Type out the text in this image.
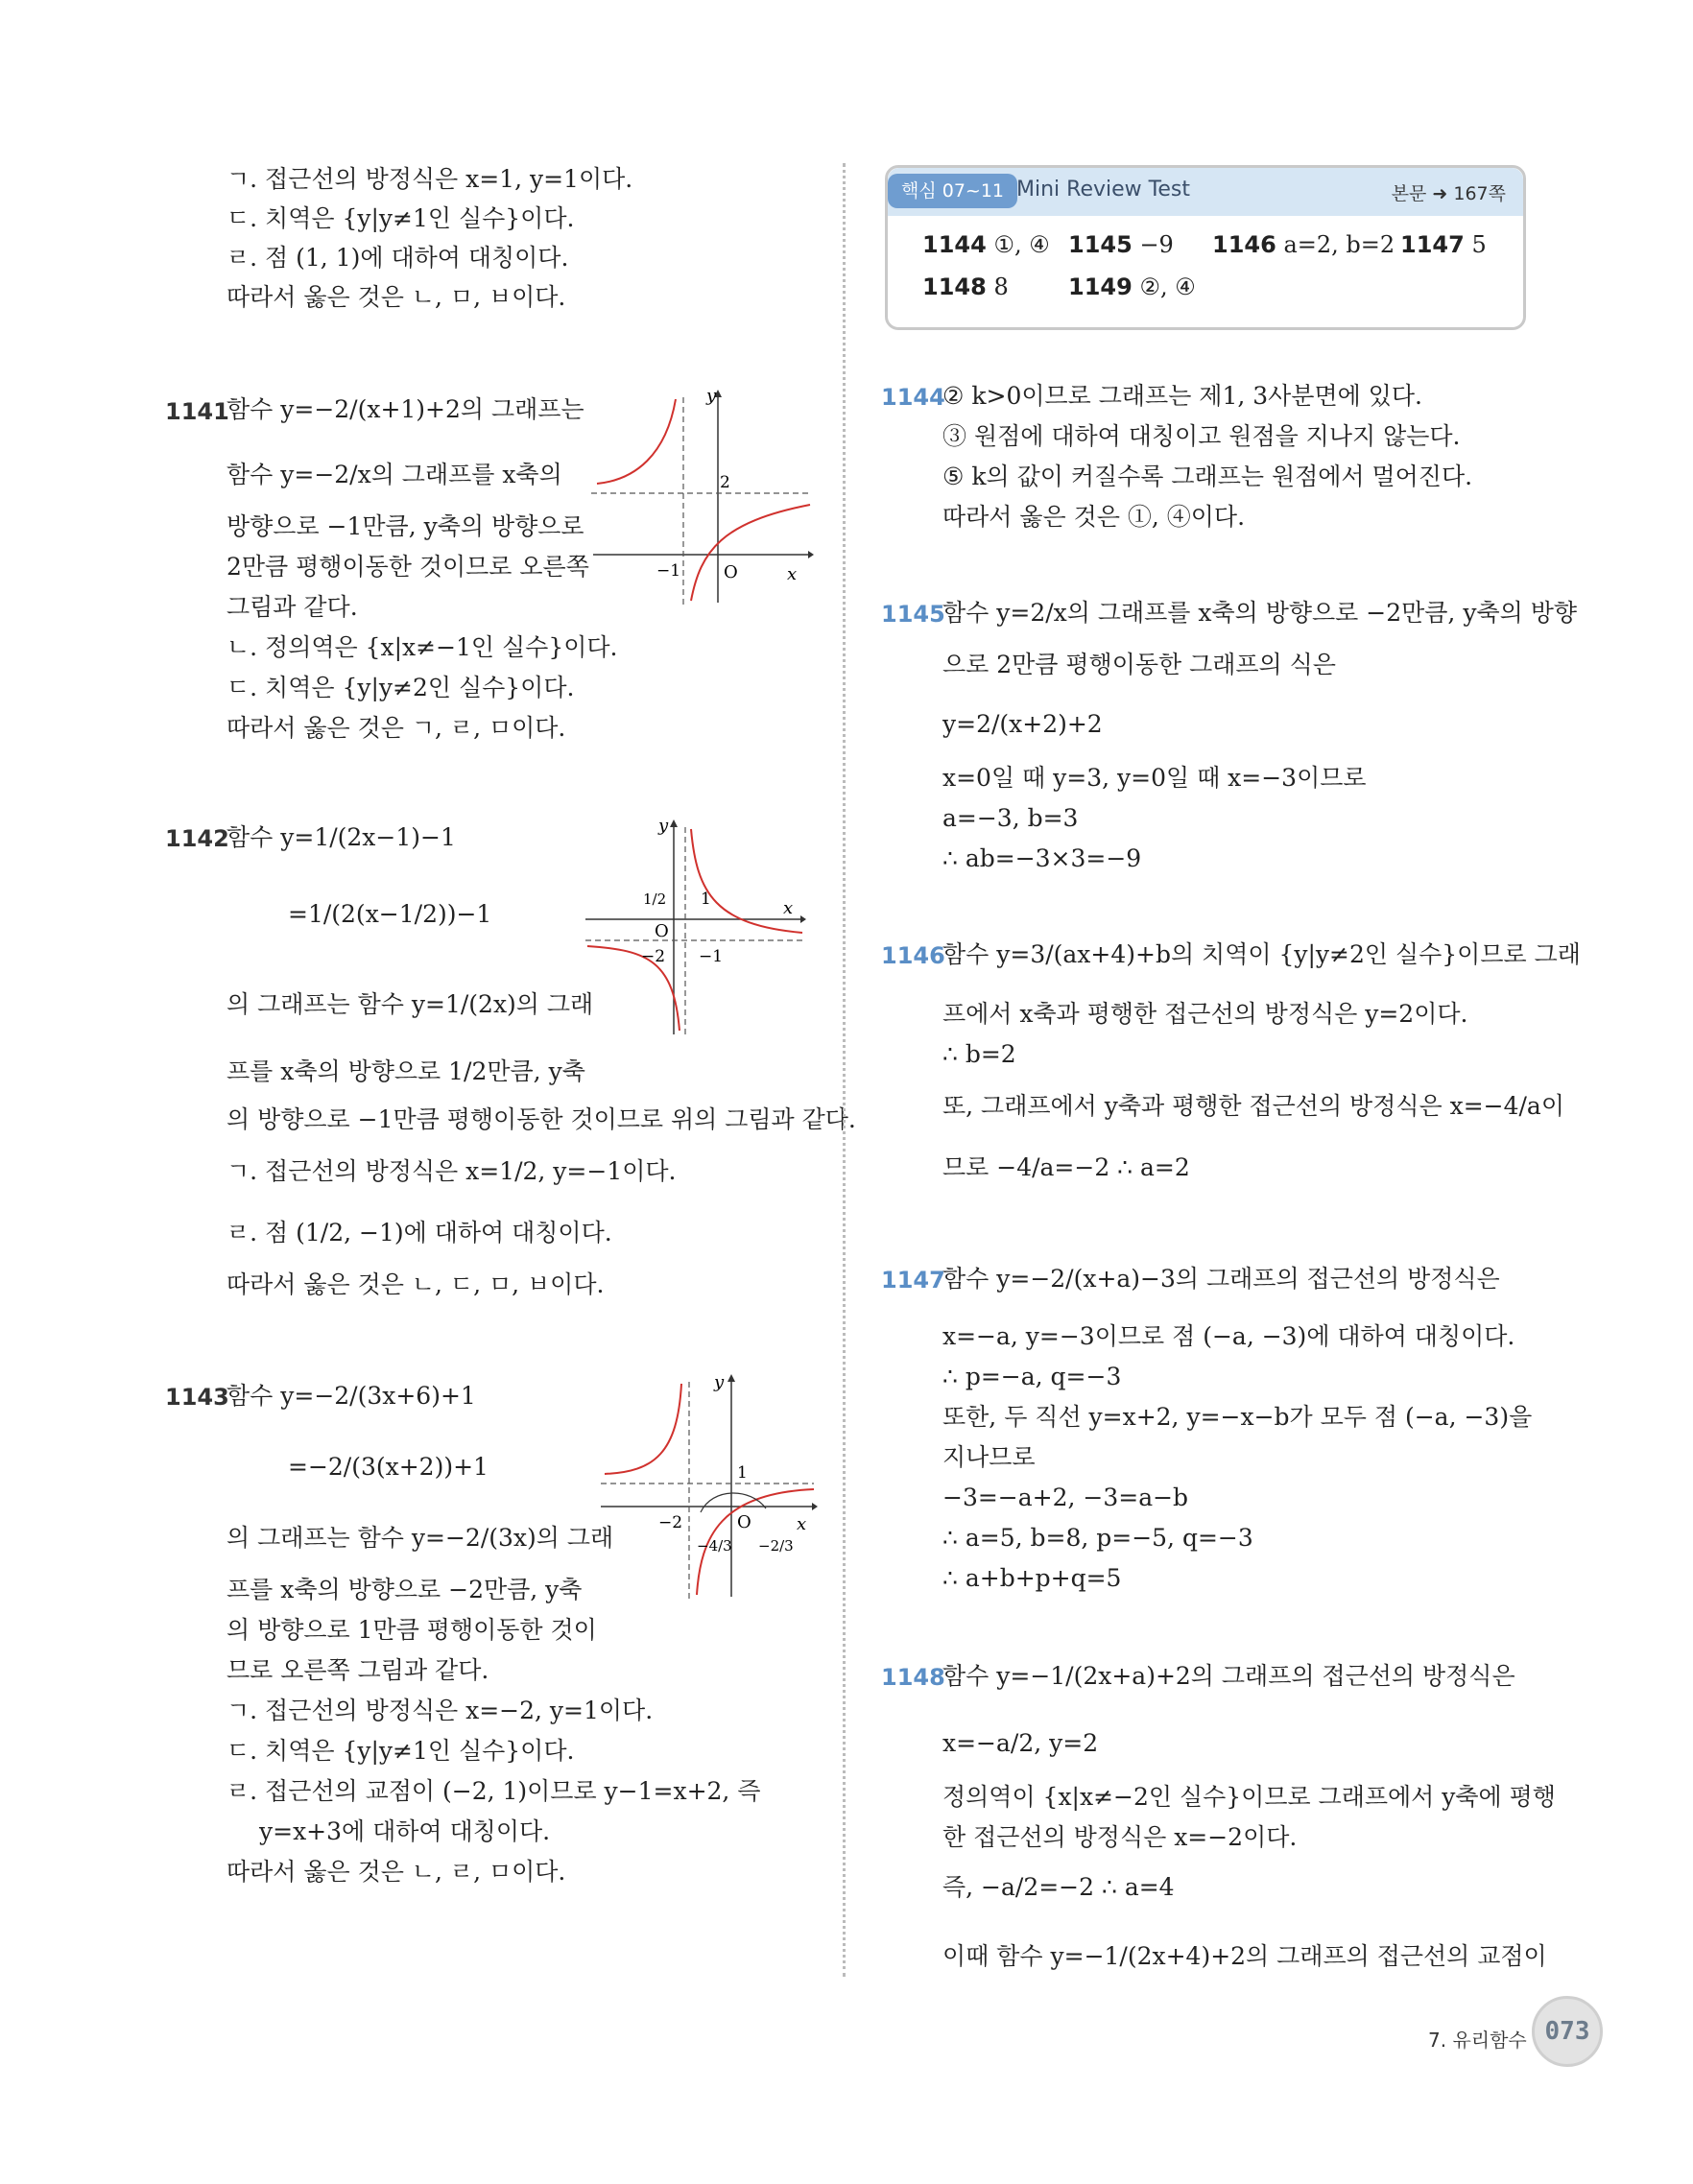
ㄱ. 접근선의 방정식은 x=1, y=1이다.
ㄷ. 치역은 {y|y≠1인 실수}이다.
ㄹ. 점 (1, 1)에 대하여 대칭이다.
따라서 옳은 것은 ㄴ, ㅁ, ㅂ이다.
1141
함수 y=−2/(x+1)+2의 그래프는
함수 y=−2/x의 그래프를 x축의
방향으로 −1만큼, y축의 방향으로
2만큼 평행이동한 것이므로 오른쪽
그림과 같다.
ㄴ. 정의역은 {x|x≠−1인 실수}이다.
ㄷ. 치역은 {y|y≠2인 실수}이다.
따라서 옳은 것은 ㄱ, ㄹ, ㅁ이다.
y
x
O
2
−1
1142
함수 y=1/(2x−1)−1
=1/(2(x−1/2))−1
의 그래프는 함수 y=1/(2x)의 그래
프를 x축의 방향으로 1/2만큼, y축
의 방향으로 −1만큼 평행이동한 것이므로 위의 그림과 같다.
ㄱ. 접근선의 방정식은 x=1/2, y=−1이다.
ㄹ. 점 (1/2, −1)에 대하여 대칭이다.
따라서 옳은 것은 ㄴ, ㄷ, ㅁ, ㅂ이다.
y
x
O
1/2 1
−2 −1
1143
함수 y=−2/(3x+6)+1
=−2/(3(x+2))+1
의 그래프는 함수 y=−2/(3x)의 그래
프를 x축의 방향으로 −2만큼, y축
의 방향으로 1만큼 평행이동한 것이
므로 오른쪽 그림과 같다.
ㄱ. 접근선의 방정식은 x=−2, y=1이다.
ㄷ. 치역은 {y|y≠1인 실수}이다.
ㄹ. 접근선의 교점이 (−2, 1)이므로 y−1=x+2, 즉
y=x+3에 대하여 대칭이다.
따라서 옳은 것은 ㄴ, ㄹ, ㅁ이다.
y
x
O
1
−2
−4/3 −2/3
핵심 07~11 Mini Review Test	본문 ➜ 167쪽
1144 ①, ④ 1145 −9 1146 a=2, b=2 1147 5
1148 8	1149 ②, ④
1144
② k>0이므로 그래프는 제1, 3사분면에 있다.
③ 원점에 대하여 대칭이고 원점을 지나지 않는다.
⑤ k의 값이 커질수록 그래프는 원점에서 멀어진다.
따라서 옳은 것은 ①, ④이다.
1145
함수 y=2/x의 그래프를 x축의 방향으로 −2만큼, y축의 방향
으로 2만큼 평행이동한 그래프의 식은
y=2/(x+2)+2
x=0일 때 y=3, y=0일 때 x=−3이므로
a=−3, b=3
∴ ab=−3×3=−9
1146
함수 y=3/(ax+4)+b의 치역이 {y|y≠2인 실수}이므로 그래
프에서 x축과 평행한 접근선의 방정식은 y=2이다.
∴ b=2
또, 그래프에서 y축과 평행한 접근선의 방정식은 x=−4/a이
므로 −4/a=−2 ∴ a=2
1147
함수 y=−2/(x+a)−3의 그래프의 접근선의 방정식은
x=−a, y=−3이므로 점 (−a, −3)에 대하여 대칭이다.
∴ p=−a, q=−3
또한, 두 직선 y=x+2, y=−x−b가 모두 점 (−a, −3)을
지나므로
−3=−a+2, −3=a−b
∴ a=5, b=8, p=−5, q=−3
∴ a+b+p+q=5
1148
함수 y=−1/(2x+a)+2의 그래프의 접근선의 방정식은
x=−a/2, y=2
정의역이 {x|x≠−2인 실수}이므로 그래프에서 y축에 평행
한 접근선의 방정식은 x=−2이다.
즉, −a/2=−2 ∴ a=4
이때 함수 y=−1/(2x+4)+2의 그래프의 접근선의 교점이
7. 유리함수 073
